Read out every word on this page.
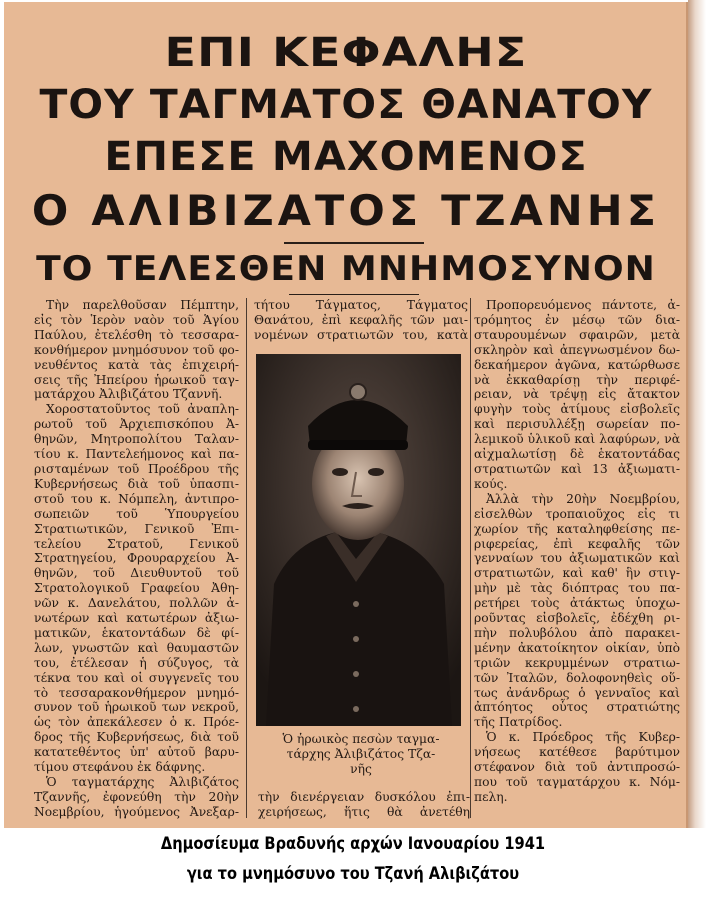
ΕΠΙ ΚΕΦΑΛΗΣ
ΤΟΥ ΤΑΓΜΑΤΟΣ ΘΑΝΑΤΟΥ
ΕΠΕΣΕ ΜΑΧΟΜΕΝΟΣ
Ο ΑΛΙΒΙΖΑΤΟΣ ΤΖΑΝΗΣ
ΤΟ ΤΕΛΕΣΘΕΝ ΜΝΗΜΟΣΥΝΟΝ
Τὴν παρελθοῦσαν Πέμπτην,
εἰς τὸν Ἱερὸν ναὸν τοῦ Ἁγίου
Παύλου, ἐτελέσθη τὸ τεσσαρα-
κονθήμερον μνημόσυνον τοῦ φο-
νευθέντος κατὰ τὰς ἐπιχειρή-
σεις τῆς Ἠπείρου ἡρωικοῦ ταγ-
ματάρχου Ἀλιβιζάτου Τζαννῆ.
Χοροστατοῦντος τοῦ ἀναπλη-
ρωτοῦ τοῦ Ἀρχιεπισκόπου Ἀ-
θηνῶν, Μητροπολίτου Ταλαν-
τίου κ. Παντελεήμονος καὶ πα-
ρισταμένων τοῦ Προέδρου τῆς
Κυβερνήσεως διὰ τοῦ ὑπασπι-
στοῦ του κ. Νόμπελη, ἀντιπρο-
σωπειῶν τοῦ Ὑπουργείου
Στρατιωτικῶν, Γενικοῦ Ἐπι-
τελείου Στρατοῦ, Γενικοῦ
Στρατηγείου, Φρουραρχείου Ἀ-
θηνῶν, τοῦ Διευθυντοῦ τοῦ
Στρατολογικοῦ Γραφείου Ἀθη-
νῶν κ. Δανελάτου, πολλῶν ἀ-
νωτέρων καὶ κατωτέρων ἀξιω-
ματικῶν, ἑκατοντάδων δὲ φί-
λων, γνωστῶν καὶ θαυμαστῶν
του, ἐτέλεσαν ἡ σύζυγος, τὰ
τέκνα του καὶ οἱ συγγενεῖς του
τὸ τεσσαρακονθήμερον μνημό-
συνον τοῦ ἡρωικοῦ των νεκροῦ,
ὡς τὸν ἀπεκάλεσεν ὁ κ. Πρόε-
δρος τῆς Κυβερνήσεως, διὰ τοῦ
κατατεθέντος ὑπ' αὐτοῦ βαρυ-
τίμου στεφάνου ἐκ δάφνης.
Ὁ ταγματάρχης Ἀλιβιζάτος
Τζαννῆς, ἐφονεύθη τὴν 20ὴν
Νοεμβρίου, ἡγούμενος Ἀνεξαρ-
τήτου Τάγματος, Τάγματος
Θανάτου, ἐπὶ κεφαλῆς τῶν μαι-
νομένων στρατιωτῶν του, κατὰ
Ὁ ἡρωικὸς πεσὼν ταγμα-
τάρχης Ἀλιβιζάτος Τζα-
νῆς
τὴν διενέργειαν δυσκόλου ἐπι-
χειρήσεως, ἥτις θὰ ἀνετέθη
Προπορευόμενος πάντοτε, ἀ-
τρόμητος ἐν μέσῳ τῶν δια-
σταυρουμένων σφαιρῶν, μετὰ
σκληρὸν καὶ ἀπεγνωσμένον δω-
δεκαήμερον ἀγῶνα, κατώρθωσε
νὰ ἐκκαθαρίσῃ τὴν περιφέ-
ρειαν, νὰ τρέψῃ εἰς ἄτακτον
φυγὴν τοὺς ἀτίμους εἰσβολεῖς
καὶ περισυλλέξῃ σωρείαν πο-
λεμικοῦ ὑλικοῦ καὶ λαφύρων, νὰ
αἰχμαλωτίσῃ δὲ ἑκατοντάδας
στρατιωτῶν καὶ 13 ἀξιωματι-
κούς.
Ἀλλὰ τὴν 20ὴν Νοεμβρίου,
εἰσελθὼν τροπαιοῦχος εἰς τι
χωρίον τῆς καταληφθείσης πε-
ριφερείας, ἐπὶ κεφαλῆς τῶν
γενναίων του ἀξιωματικῶν καὶ
στρατιωτῶν, καὶ καθ' ἣν στιγ-
μὴν μὲ τὰς διόπτρας του πα-
ρετήρει τοὺς ἀτάκτως ὑποχω-
ροῦντας εἰσβολεῖς, ἐδέχθη ρι-
πὴν πολυβόλου ἀπὸ παρακει-
μένην ἀκατοίκητον οἰκίαν, ὑπὸ
τριῶν κεκρυμμένων στρατιω-
τῶν Ἰταλῶν, δολοφονηθεὶς οὕ-
τως ἀνάνδρως ὁ γενναῖος καὶ
ἀπτόητος οὗτος στρατιώτης
τῆς Πατρίδος.
Ὁ κ. Πρόεδρος τῆς Κυβερ-
νήσεως κατέθεσε βαρύτιμον
στέφανον διὰ τοῦ ἀντιπροσώ-
που τοῦ ταγματάρχου κ. Νόμ-
πελη.
Δημοσίευμα Βραδυνής αρχών Ιανουαρίου 1941
για το μνημόσυνο του Τζανή Αλιβιζάτου
